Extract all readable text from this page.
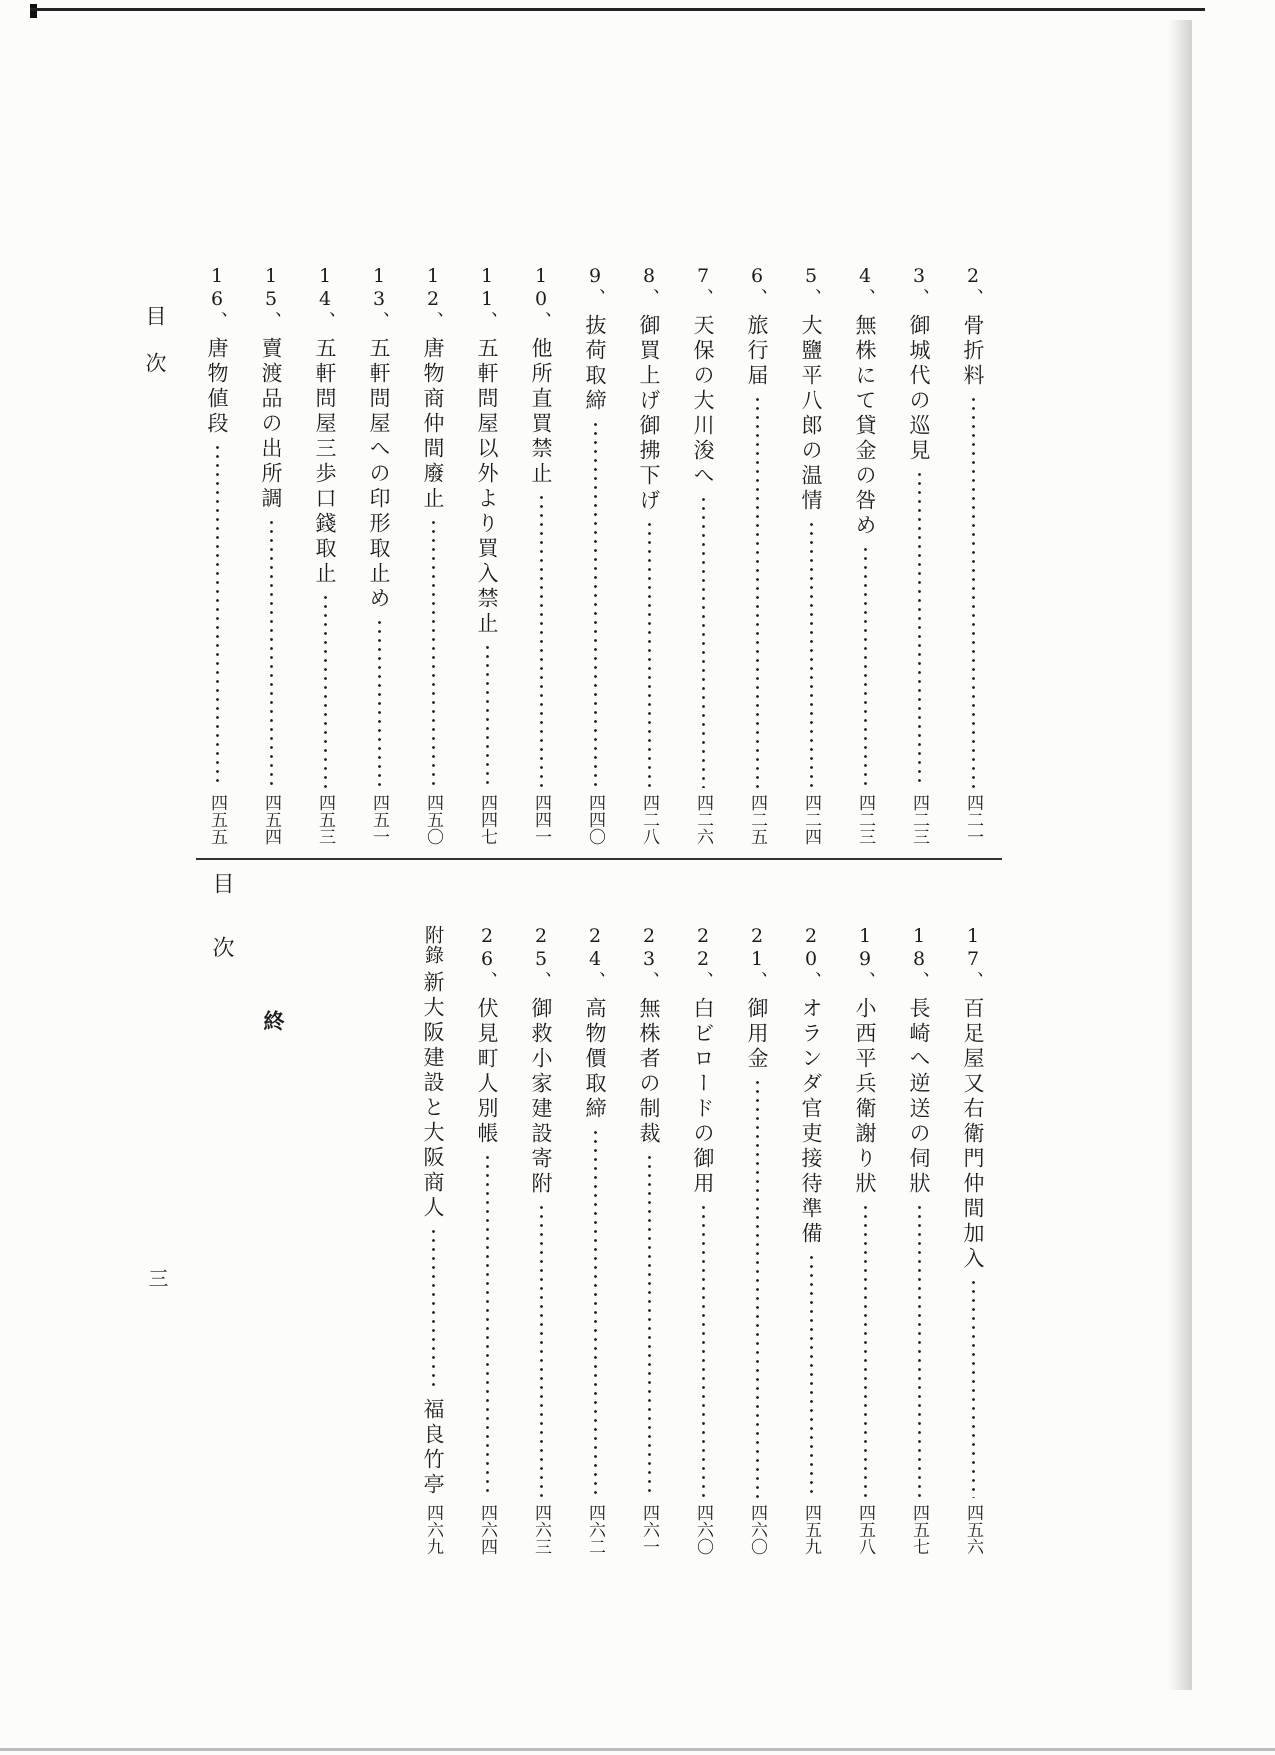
2、
骨折料
四二一
3、
御城代の巡見
四二三
4、
無株にて貸金の咎め
四二三
5、
大鹽平八郎の温情
四二四
6、
旅行届
四二五
7、
天保の大川浚へ
四二六
8、
御買上げ御拂下げ
四二八
9、
抜荷取締
四四〇
10、
他所直買禁止
四四一
11、
五軒問屋以外より買入禁止
四四七
12、
唐物商仲間廢止
四五〇
13、
五軒問屋への印形取止め
四五一
14、
五軒問屋三歩口錢取止
四五三
15、
賣渡品の出所調
四五四
16、
唐物値段
四五五
17、
百足屋又右衛門仲間加入
四五六
18、
長崎へ逆送の伺狀
四五七
19、
小西平兵衛謝り狀
四五八
20、
オランダ官吏接待準備
四五九
21、
御用金
四六〇
22、
白ビロードの御用
四六〇
23、
無株者の制裁
四六一
24、
高物價取締
四六二
25、
御救小家建設寄附
四六三
26、
伏見町人別帳
四六四
附錄
新大阪建設と大阪商人
福良竹亭
四六九
目次
三
目次
終
